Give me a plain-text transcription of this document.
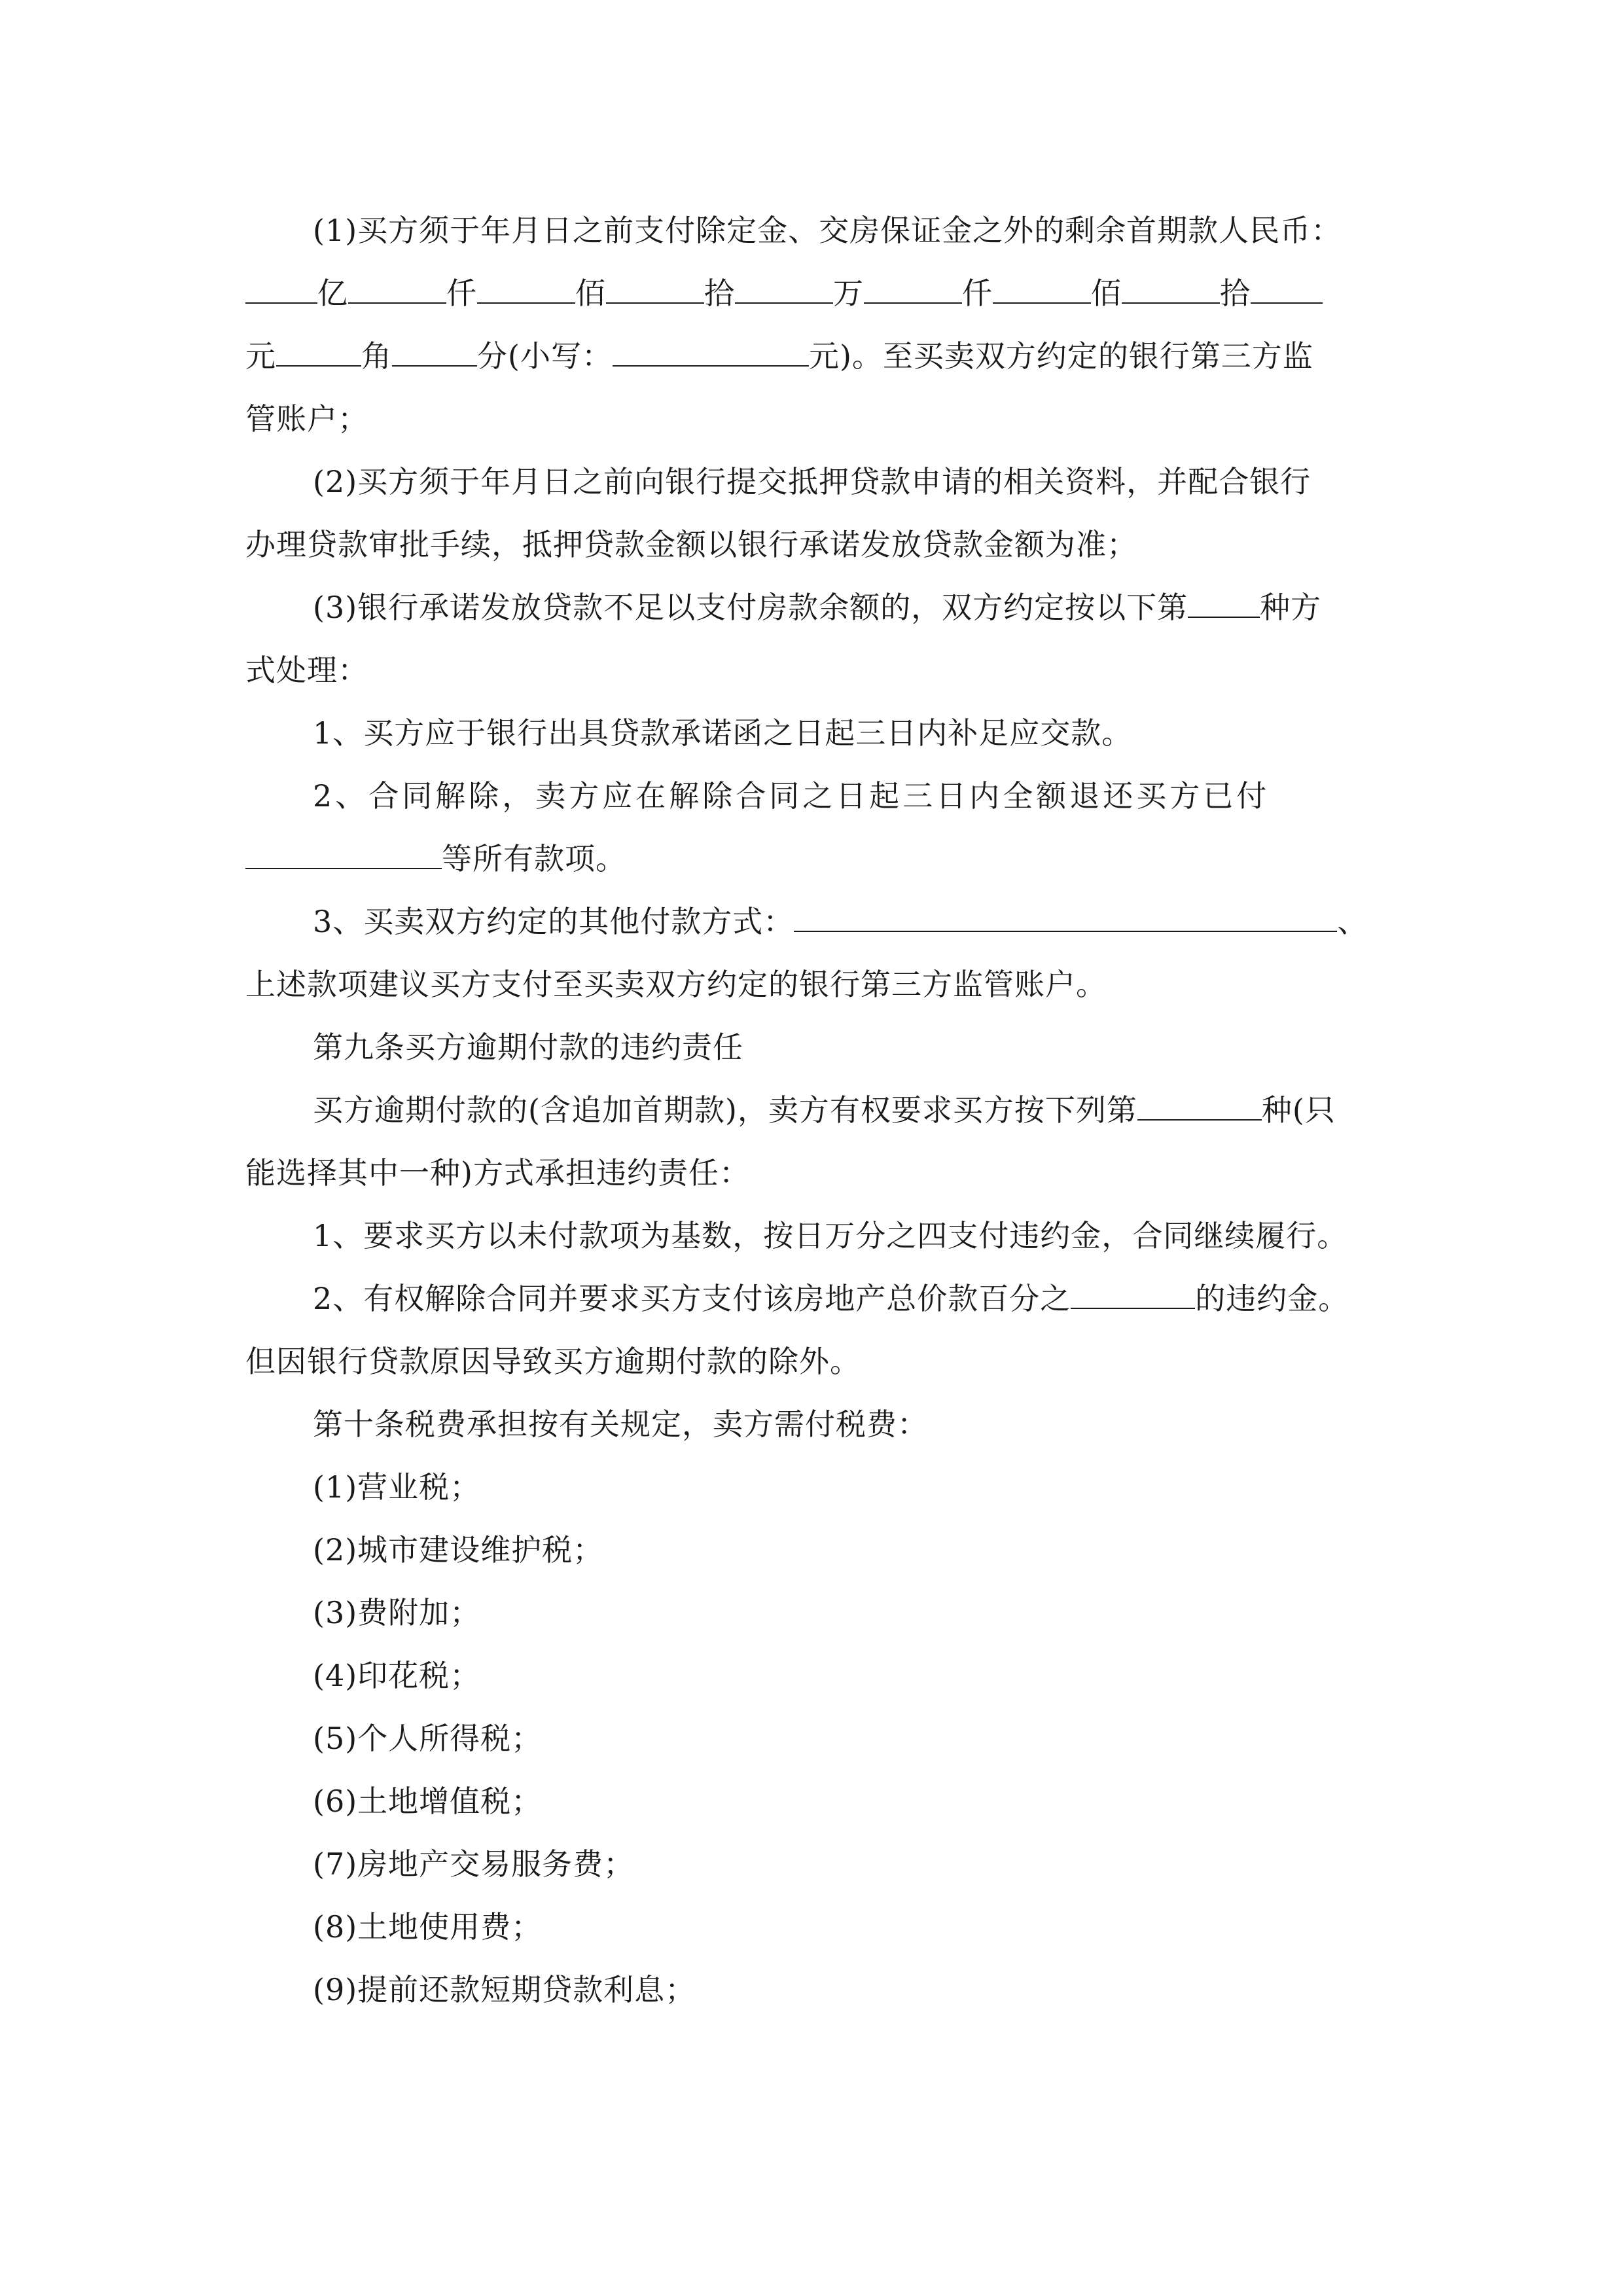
(1)买方须于年月日之前支付除定金、交房保证金之外的剩余首期款人民币：
亿	仟	佰	拾	万	仟	佰	拾
元	角	分(小写：	元)。至买卖双方约定的银行第三方监
管账户；
(2)买方须于年月日之前向银行提交抵押贷款申请的相关资料，并配合银行
办理贷款审批手续，抵押贷款金额以银行承诺发放贷款金额为准；
(3)银行承诺发放贷款不足以支付房款余额的，双方约定按以下第 种方
式处理：
1、买方应于银行出具贷款承诺函之日起三日内补足应交款。
2、合同解除，卖方应在解除合同之日起三日内全额退还买方已付
等所有款项。
3、买卖双方约定的其他付款方式：	、
上述款项建议买方支付至买卖双方约定的银行第三方监管账户。
第九条买方逾期付款的违约责任
买方逾期付款的(含追加首期款)，卖方有权要求买方按下列第	种(只
能选择其中一种)方式承担违约责任：
1、要求买方以未付款项为基数，按日万分之四支付违约金，合同继续履行。
2、有权解除合同并要求买方支付该房地产总价款百分之	的违约金。
但因银行贷款原因导致买方逾期付款的除外。
第十条税费承担按有关规定，卖方需付税费：
(1)营业税；
(2)城市建设维护税；
(3)费附加；
(4)印花税；
(5)个人所得税；
(6)土地增值税；
(7)房地产交易服务费；
(8)土地使用费；
(9)提前还款短期贷款利息；
